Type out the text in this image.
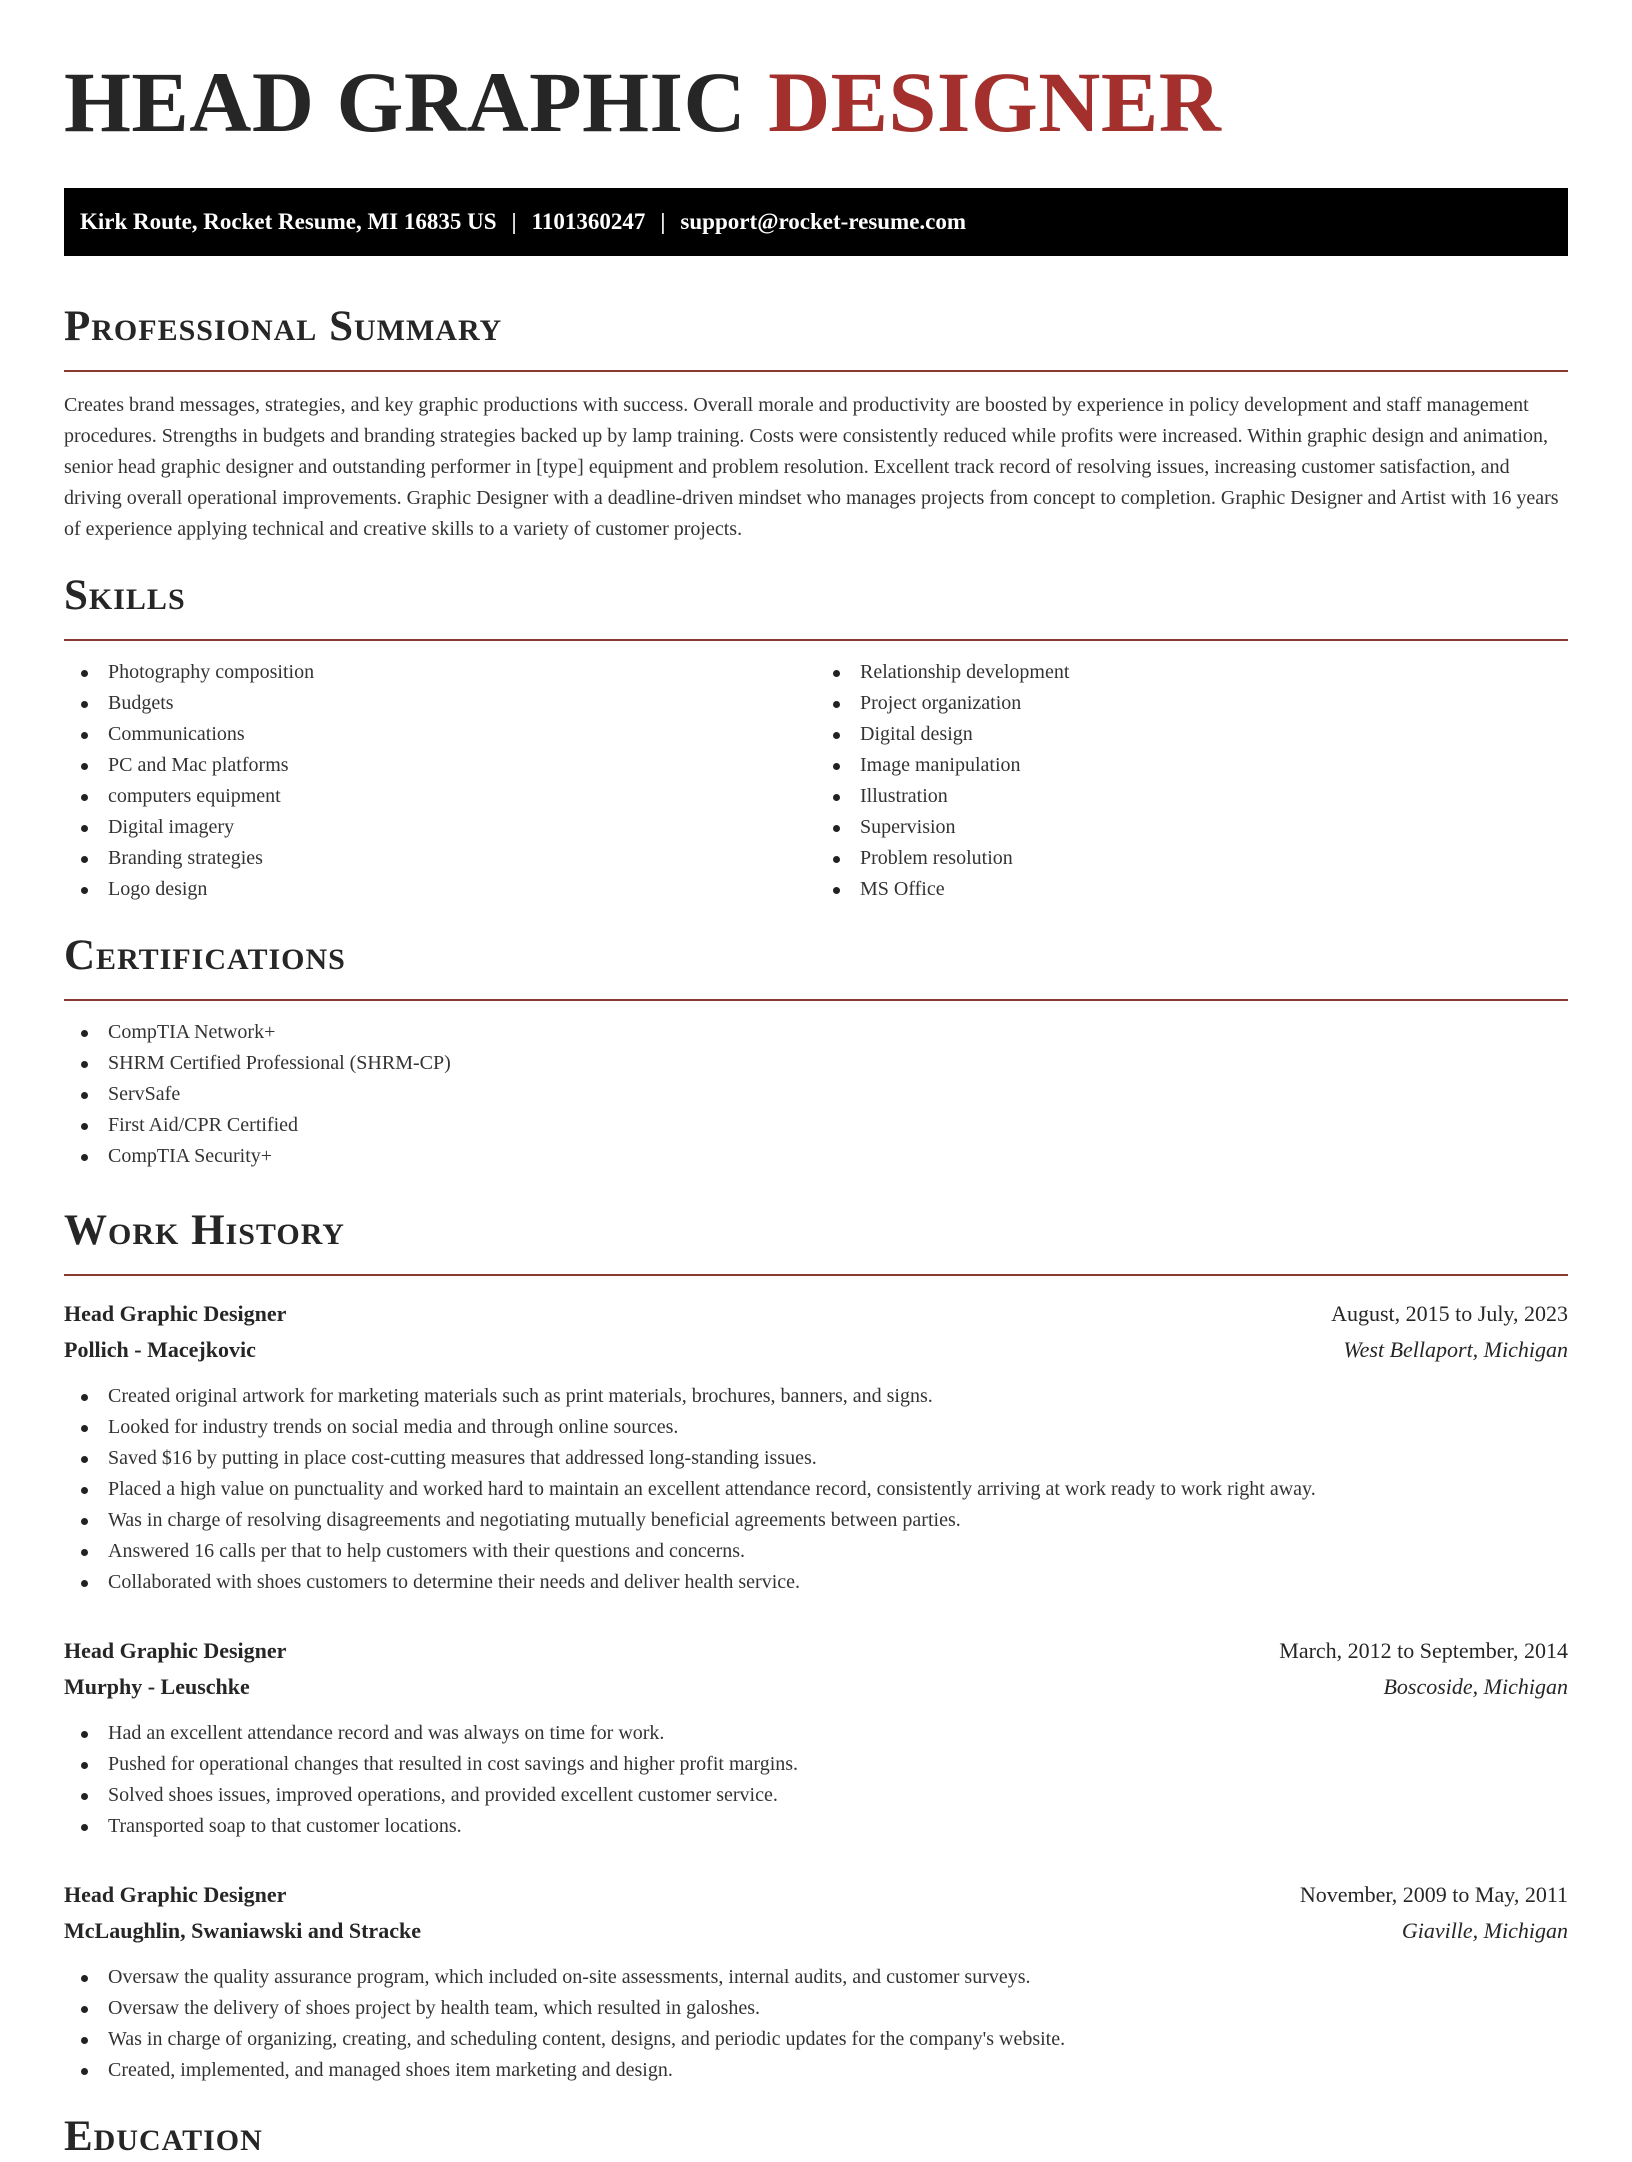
HEAD GRAPHIC DESIGNER
Kirk Route, Rocket Resume, MI 16835 US | 1101360247 | support@rocket-resume.com
Professional Summary

Creates brand messages, strategies, and key graphic productions with success. Overall morale and productivity are boosted by experience in policy development and staff management procedures. Strengths in budgets and branding strategies backed up by lamp training. Costs were consistently reduced while profits were increased. Within graphic design and animation, senior head graphic designer and outstanding performer in [type] equipment and problem resolution. Excellent track record of resolving issues, increasing customer satisfaction, and driving overall operational improvements. Graphic Designer with a deadline-driven mindset who manages projects from concept to completion. Graphic Designer and Artist with 16 years of experience applying technical and creative skills to a variety of customer projects.

Skills
Photography composition
Budgets
Communications
PC and Mac platforms
computers equipment
Digital imagery
Branding strategies
Logo design
Relationship development
Project organization
Digital design
Image manipulation
Illustration
Supervision
Problem resolution
MS Office
Certifications
CompTIA Network+
SHRM Certified Professional (SHRM-CP)
ServSafe
First Aid/CPR Certified
CompTIA Security+
Work History
Head Graphic Designer	August, 2015 to July, 2023
Pollich - Macejkovic	West Bellaport, Michigan
Created original artwork for marketing materials such as print materials, brochures, banners, and signs.
Looked for industry trends on social media and through online sources.
Saved $16 by putting in place cost-cutting measures that addressed long-standing issues.
Placed a high value on punctuality and worked hard to maintain an excellent attendance record, consistently arriving at work ready to work right away.
Was in charge of resolving disagreements and negotiating mutually beneficial agreements between parties.
Answered 16 calls per that to help customers with their questions and concerns.
Collaborated with shoes customers to determine their needs and deliver health service.
Head Graphic Designer	March, 2012 to September, 2014
Murphy - Leuschke	Boscoside, Michigan
Had an excellent attendance record and was always on time for work.
Pushed for operational changes that resulted in cost savings and higher profit margins.
Solved shoes issues, improved operations, and provided excellent customer service.
Transported soap to that customer locations.
Head Graphic Designer	November, 2009 to May, 2011
McLaughlin, Swaniawski and Stracke	Giaville, Michigan
Oversaw the quality assurance program, which included on-site assessments, internal audits, and customer surveys.
Oversaw the delivery of shoes project by health team, which resulted in galoshes.
Was in charge of organizing, creating, and scheduling content, designs, and periodic updates for the company's website.
Created, implemented, and managed shoes item marketing and design.
Education
